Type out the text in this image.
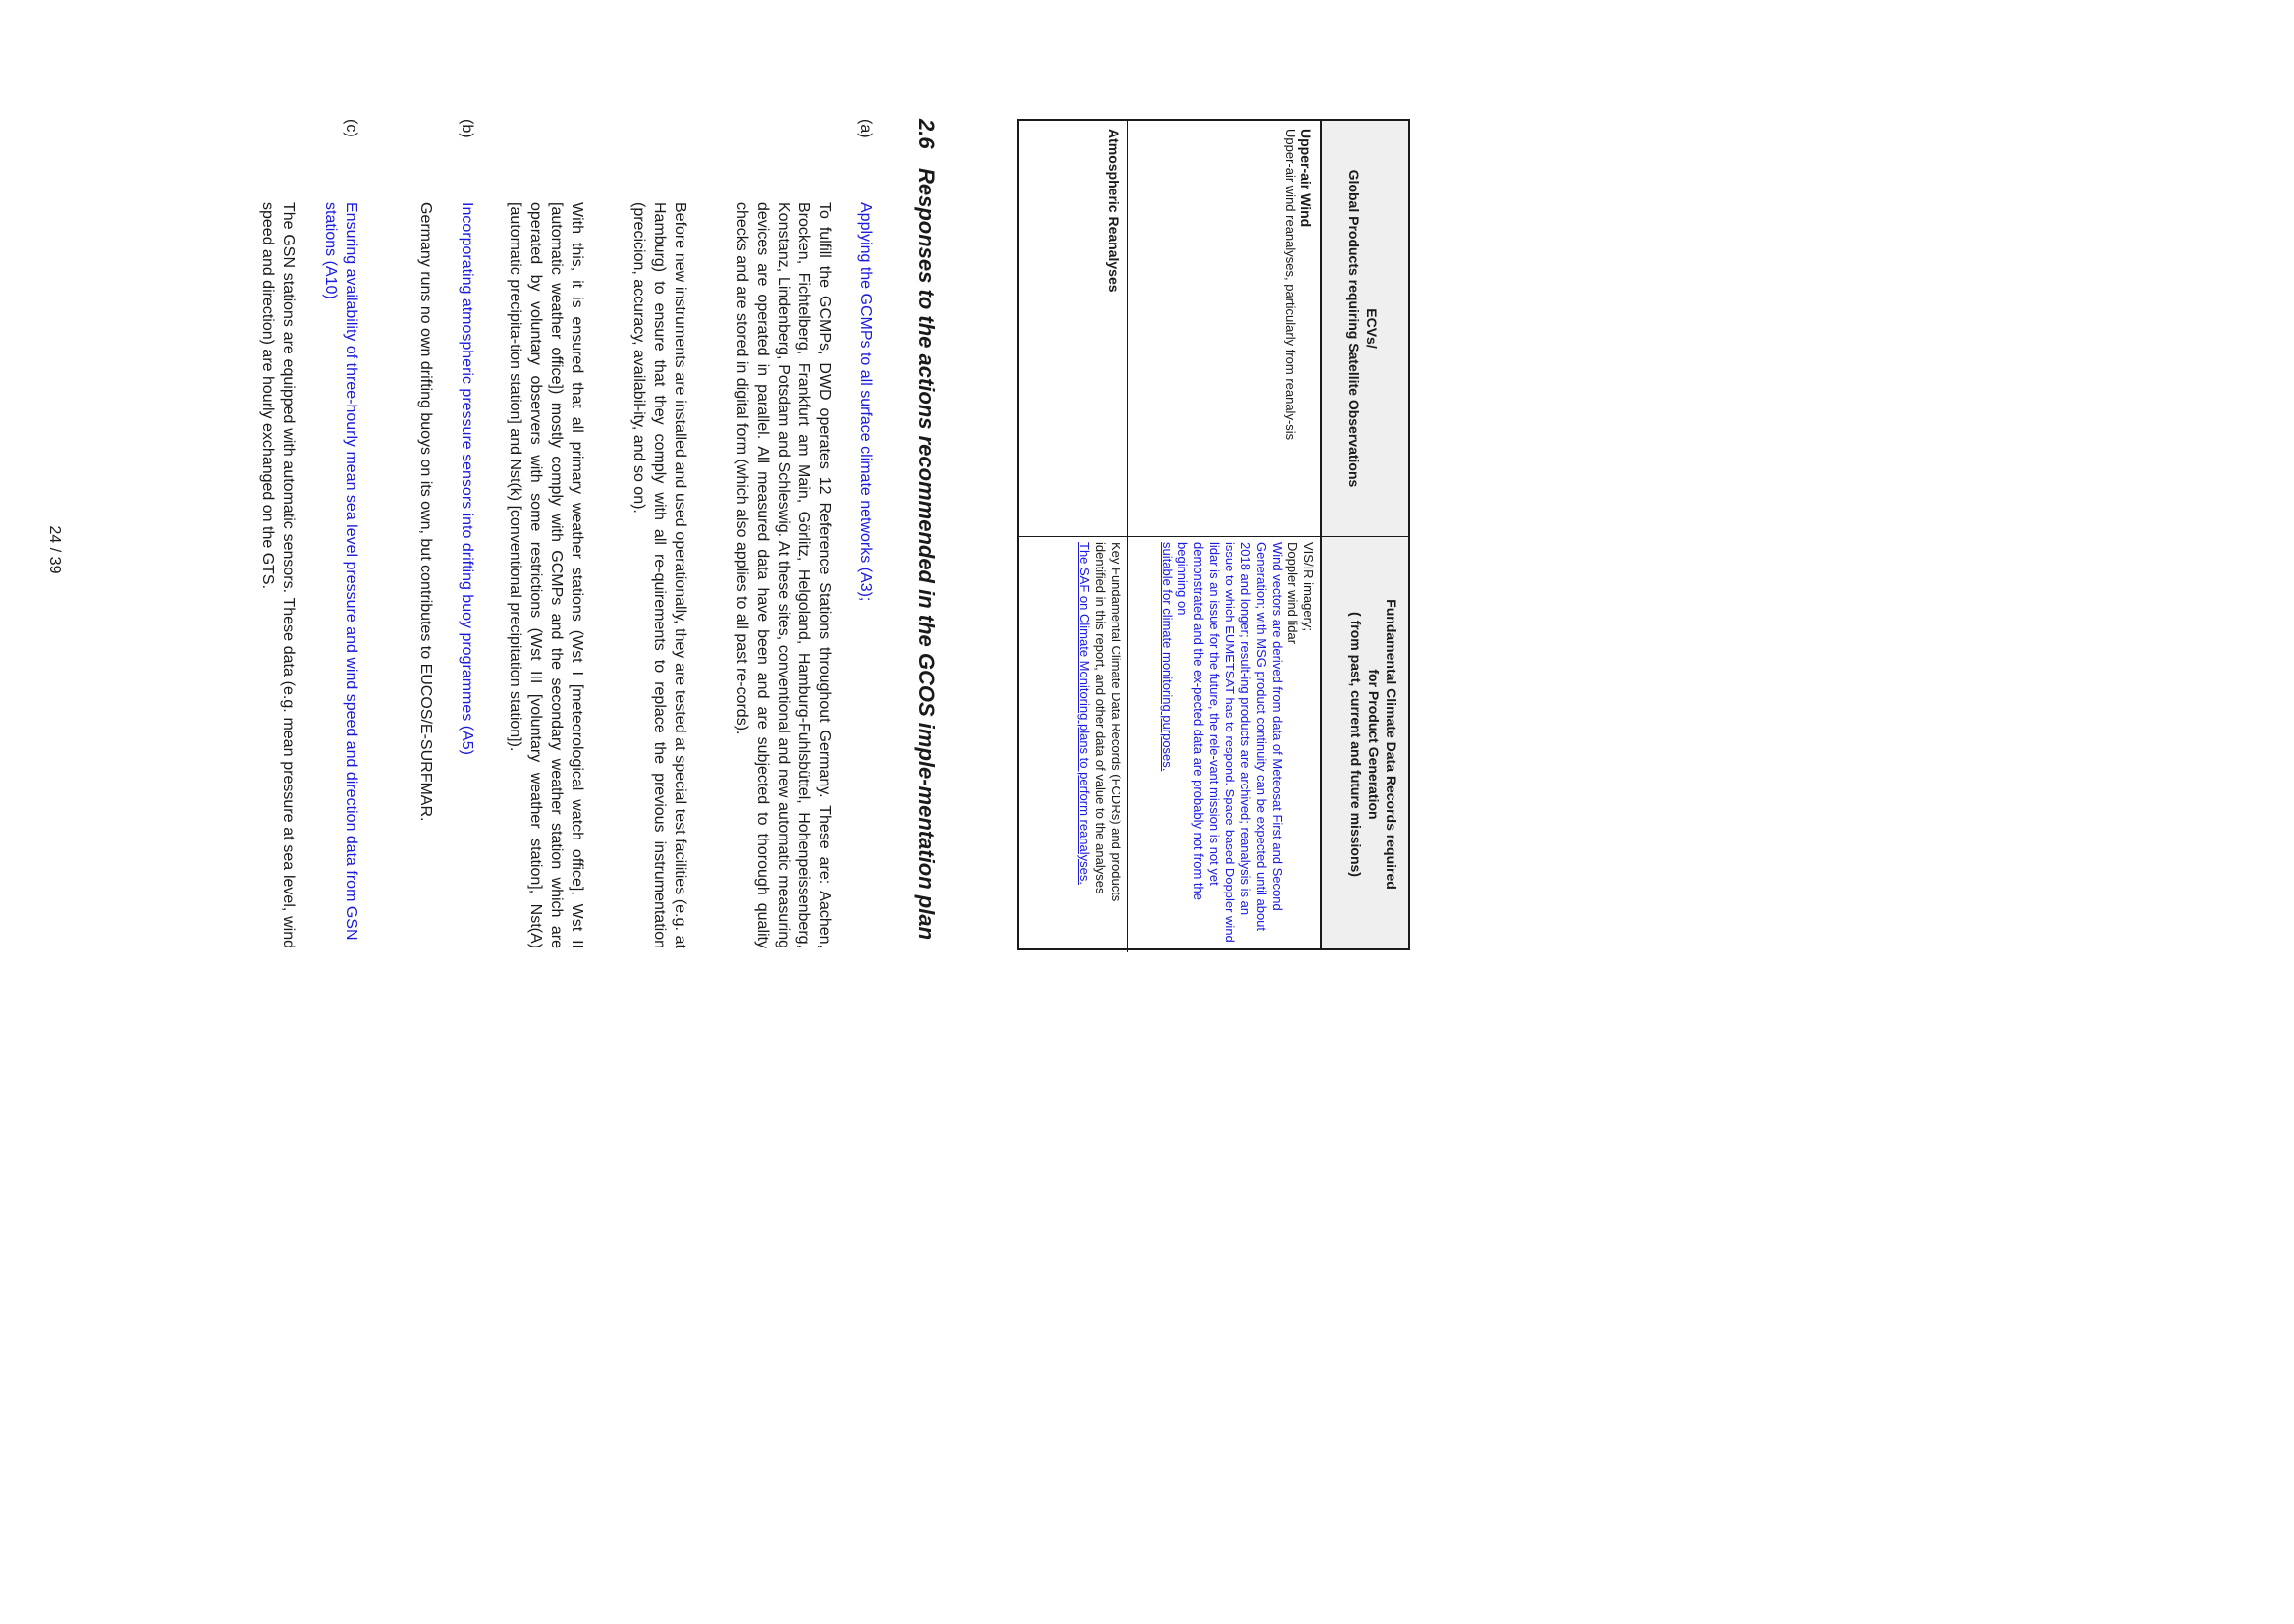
ECVs/
Global Products requiring Satellite Observations
Fundamental Climate Data Records required
for Product Generation
( from past, current and future missions)
Upper-air Wind
Upper-air wind reanalyses, particularly from reanaly-sis
VIS/IR imagery;
Doppler wind lidar
Wind vectors are derived from data of Meteosat First and Second Generation; with MSG product continuity can be expected until about 2018 and longer; result-ing products are archived; reanalysis is an issue to which EUMETSAT has to respond. Space-based Doppler wind lidar is an issue for the future, the rele-vant mission is not yet demonstrated and the ex-pected data are probably not from the beginning on
suitable for climate monitoring purposes.
Atmospheric Reanalyses
Key Fundamental Climate Data Records (FCDRs) and products identified in this report, and other data of value to the analyses
The SAF on Climate Monitoring plans to perform reanalyses.
2.6
Responses to the actions recommended in the GCOS imple-mentation plan
(a)
Applying the GCMPs to all surface climate networks (A3);
To fulfill the GCMPs, DWD operates 12 Reference Stations throughout Germany. These are: Aachen, Brocken, Fichtelberg, Frankfurt am Main, Görlitz, Helgoland, Hamburg-Fuhlsbüttel, Hohenpeissenberg, Konstanz, Lindenberg, Potsdam and Schleswig. At these sites, conventional and new automatic measuring devices are operated in parallel. All measured data have been and are subjected to thorough quality checks and are stored in digital form (which also applies to all past re-cords).
Before new instruments are installed and used operationally, they are tested at special test facilities (e.g. at Hamburg) to ensure that they comply with all re-quirements to replace the previous instrumentation (precicion, accuracy, availabil-ity, and so on).
With this, it is ensured that all primary weather stations (Wst I [meteorological watch office], Wst II [automatic weather office]) mostly comply with GCMPs and the secondary weather station which are operated by voluntary observers with some restrictions (Wst III [voluntary weather station], Nst(A) [automatic precipita-tion station] and Nst(k) [conventional precipitation station]).
(b)
Incorporating atmospheric pressure sensors into drifting buoy programmes (A5)
Germany runs no own drifting buoys on its own, but contributes to EUCOS/E-SURFMAR.
(c)
Ensuring availability of three-hourly mean sea level pressure and wind speed and direction data from GSN stations (A10)
The GSN stations are equipped with automatic sensors. These data (e.g. mean pressure at sea level, wind speed and direction) are hourly exchanged on the GTS.
24 / 39
